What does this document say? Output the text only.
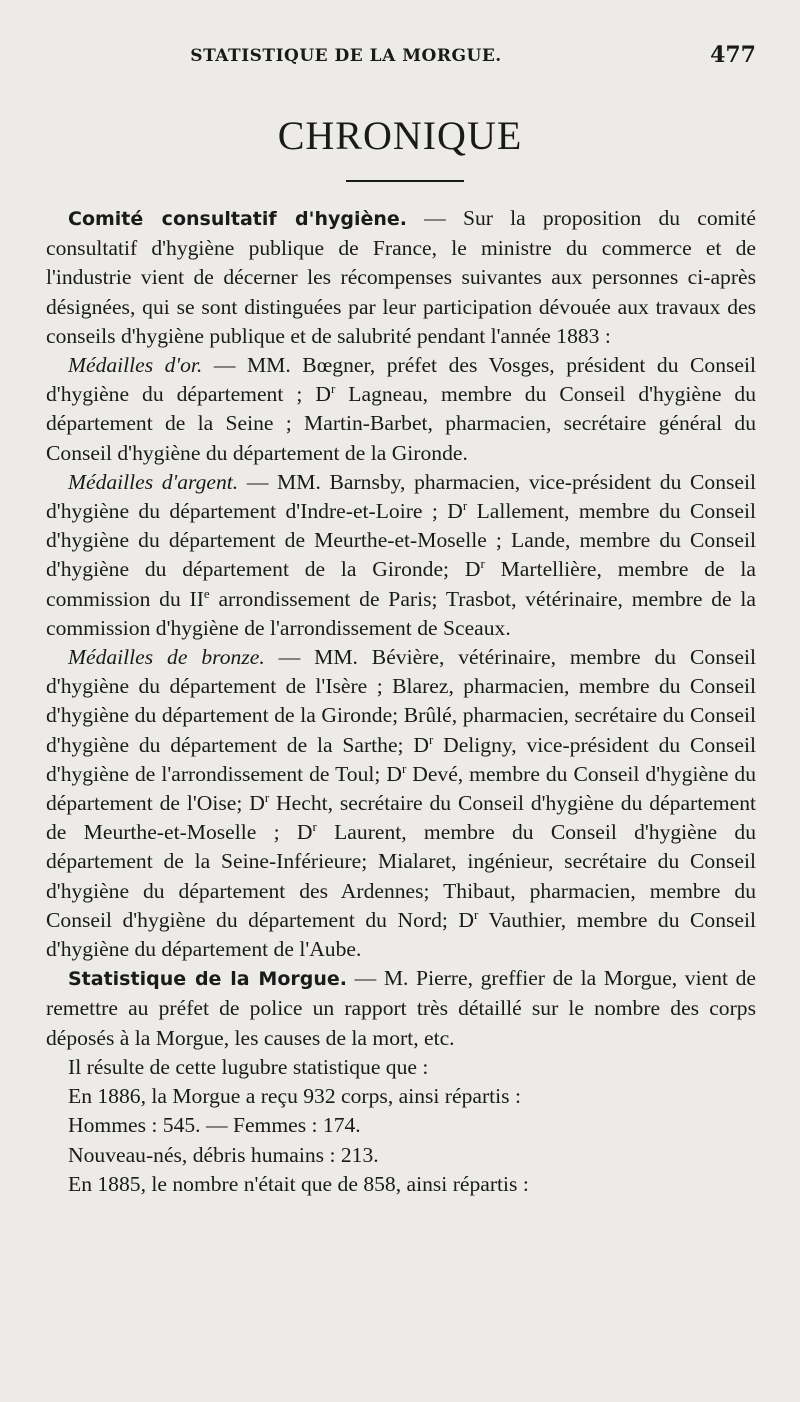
STATISTIQUE DE LA MORGUE.	477
CHRONIQUE

Comité consultatif d'hygiène. — Sur la proposition du comité consultatif d'hygiène publique de France, le ministre du commerce et de l'industrie vient de décerner les récompenses suivantes aux personnes ci-après désignées, qui se sont distinguées par leur participation dévouée aux travaux des conseils d'hygiène publique et de salubrité pendant l'année 1883 :

Médailles d'or. — MM. Bœgner, préfet des Vosges, président du Conseil d'hygiène du département ; $D^r$ Lagneau, membre du Conseil d'hygiène du département de la Seine ; Martin-Barbet, pharmacien, secrétaire général du Conseil d'hygiène du département de la Gironde.

Médailles d'argent. — MM. Barnsby, pharmacien, vice-président du Conseil d'hygiène du département d'Indre-et-Loire ; $D^r$ Lallement, membre du Conseil d'hygiène du département de Meurthe-et-Moselle ; Lande, membre du Conseil d'hygiène du département de la Gironde; $D^r$ Martellière, membre de la commission du IIe arrondissement de Paris; Trasbot, vétérinaire, membre de la commission d'hygiène de l'arrondissement de Sceaux.

Médailles de bronze. — MM. Bévière, vétérinaire, membre du Conseil d'hygiène du département de l'Isère ; Blarez, pharmacien, membre du Conseil d'hygiène du département de la Gironde; Brûlé, pharmacien, secrétaire du Conseil d'hygiène du département de la Sarthe; $D^r$ Deligny, vice-président du Conseil d'hygiène de l'arrondissement de Toul; $D^r$ Devé, membre du Conseil d'hygiène du département de l'Oise; $D^r$ Hecht, secrétaire du Conseil d'hygiène du département de Meurthe-et-Moselle ; $D^r$ Laurent, membre du Conseil d'hygiène du département de la Seine-Inférieure; Mialaret, ingénieur, secrétaire du Conseil d'hygiène du département des Ardennes; Thibaut, pharmacien, membre du Conseil d'hygiène du département du Nord; $D^r$ Vauthier, membre du Conseil d'hygiène du département de l'Aube.

Statistique de la Morgue. — M. Pierre, greffier de la Morgue, vient de remettre au préfet de police un rapport très détaillé sur le nombre des corps déposés à la Morgue, les causes de la mort, etc.

Il résulte de cette lugubre statistique que :
En 1886, la Morgue a reçu 932 corps, ainsi répartis :
Hommes : 545. — Femmes : 174.
Nouveau-nés, débris humains : 213.
En 1885, le nombre n'était que de 858, ainsi répartis :
